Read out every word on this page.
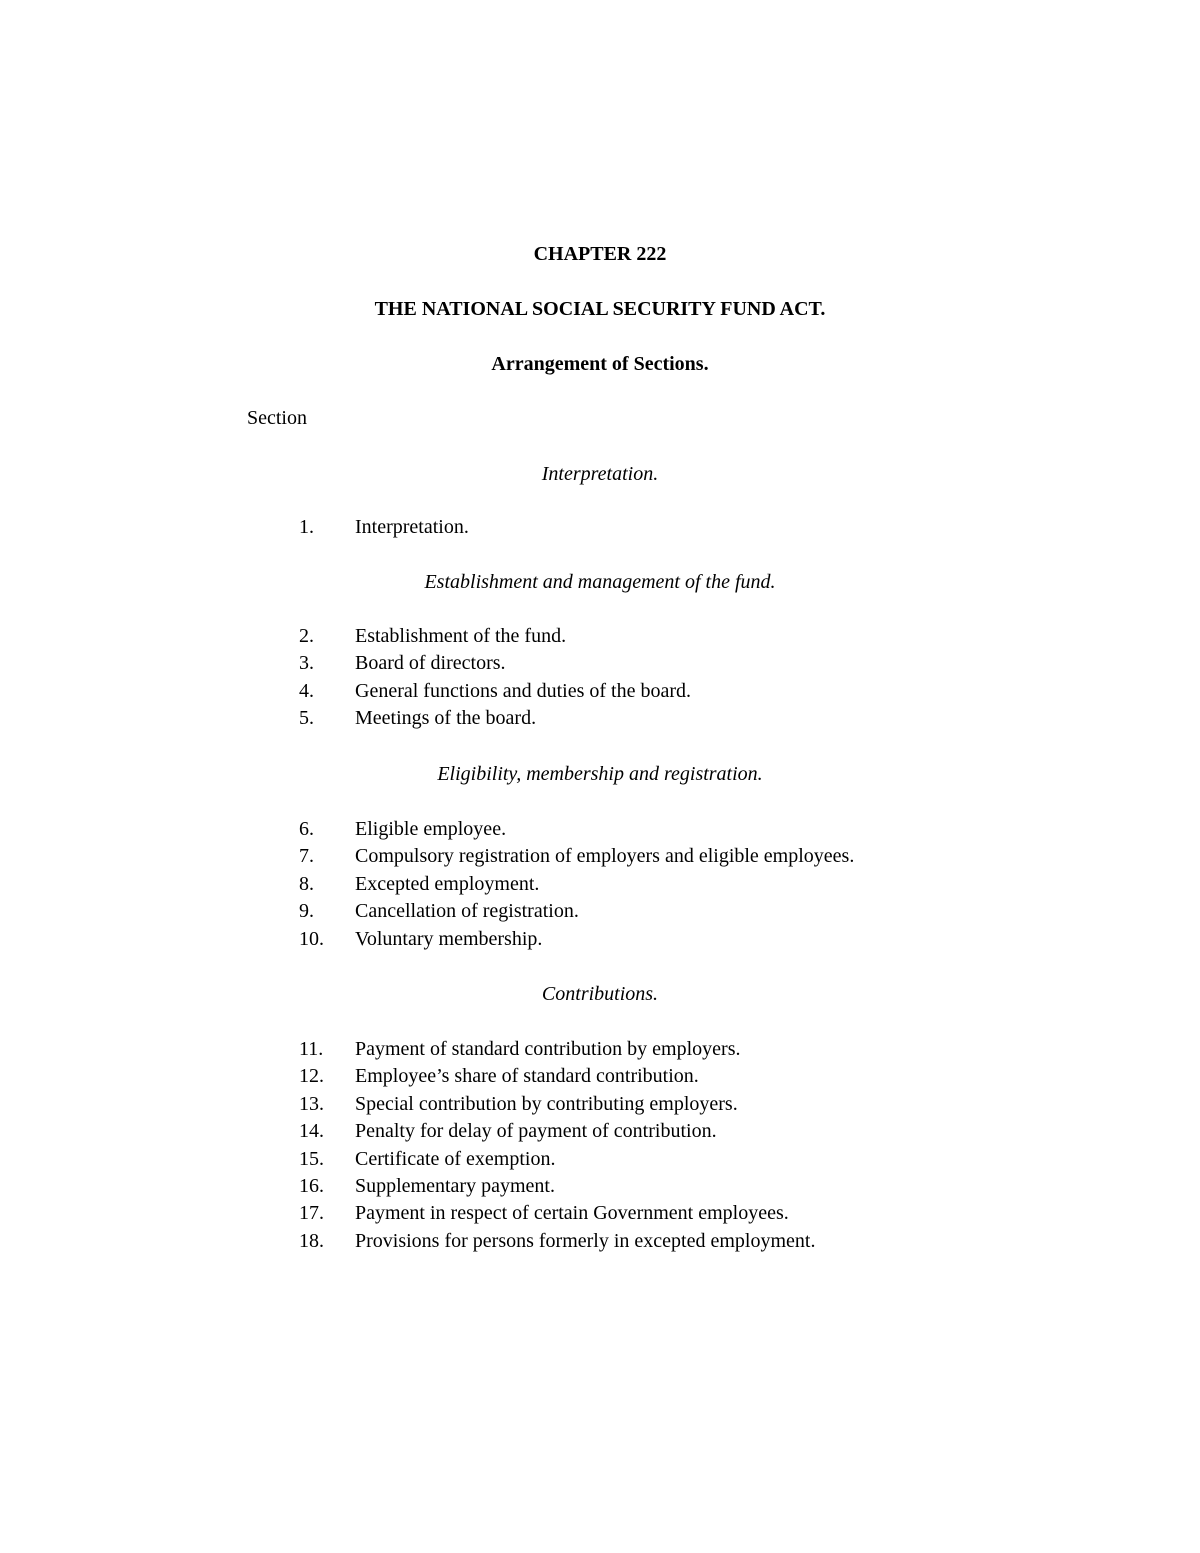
CHAPTER 222
THE NATIONAL SOCIAL SECURITY FUND ACT.
Arrangement of Sections.
Section
Interpretation.
1. Interpretation.
Establishment and management of the fund.
2. Establishment of the fund.
3. Board of directors.
4. General functions and duties of the board.
5. Meetings of the board.
Eligibility, membership and registration.
6. Eligible employee.
7. Compulsory registration of employers and eligible employees.
8. Excepted employment.
9. Cancellation of registration.
10. Voluntary membership.
Contributions.
11. Payment of standard contribution by employers.
12. Employee’s share of standard contribution.
13. Special contribution by contributing employers.
14. Penalty for delay of payment of contribution.
15. Certificate of exemption.
16. Supplementary payment.
17. Payment in respect of certain Government employees.
18. Provisions for persons formerly in excepted employment.
